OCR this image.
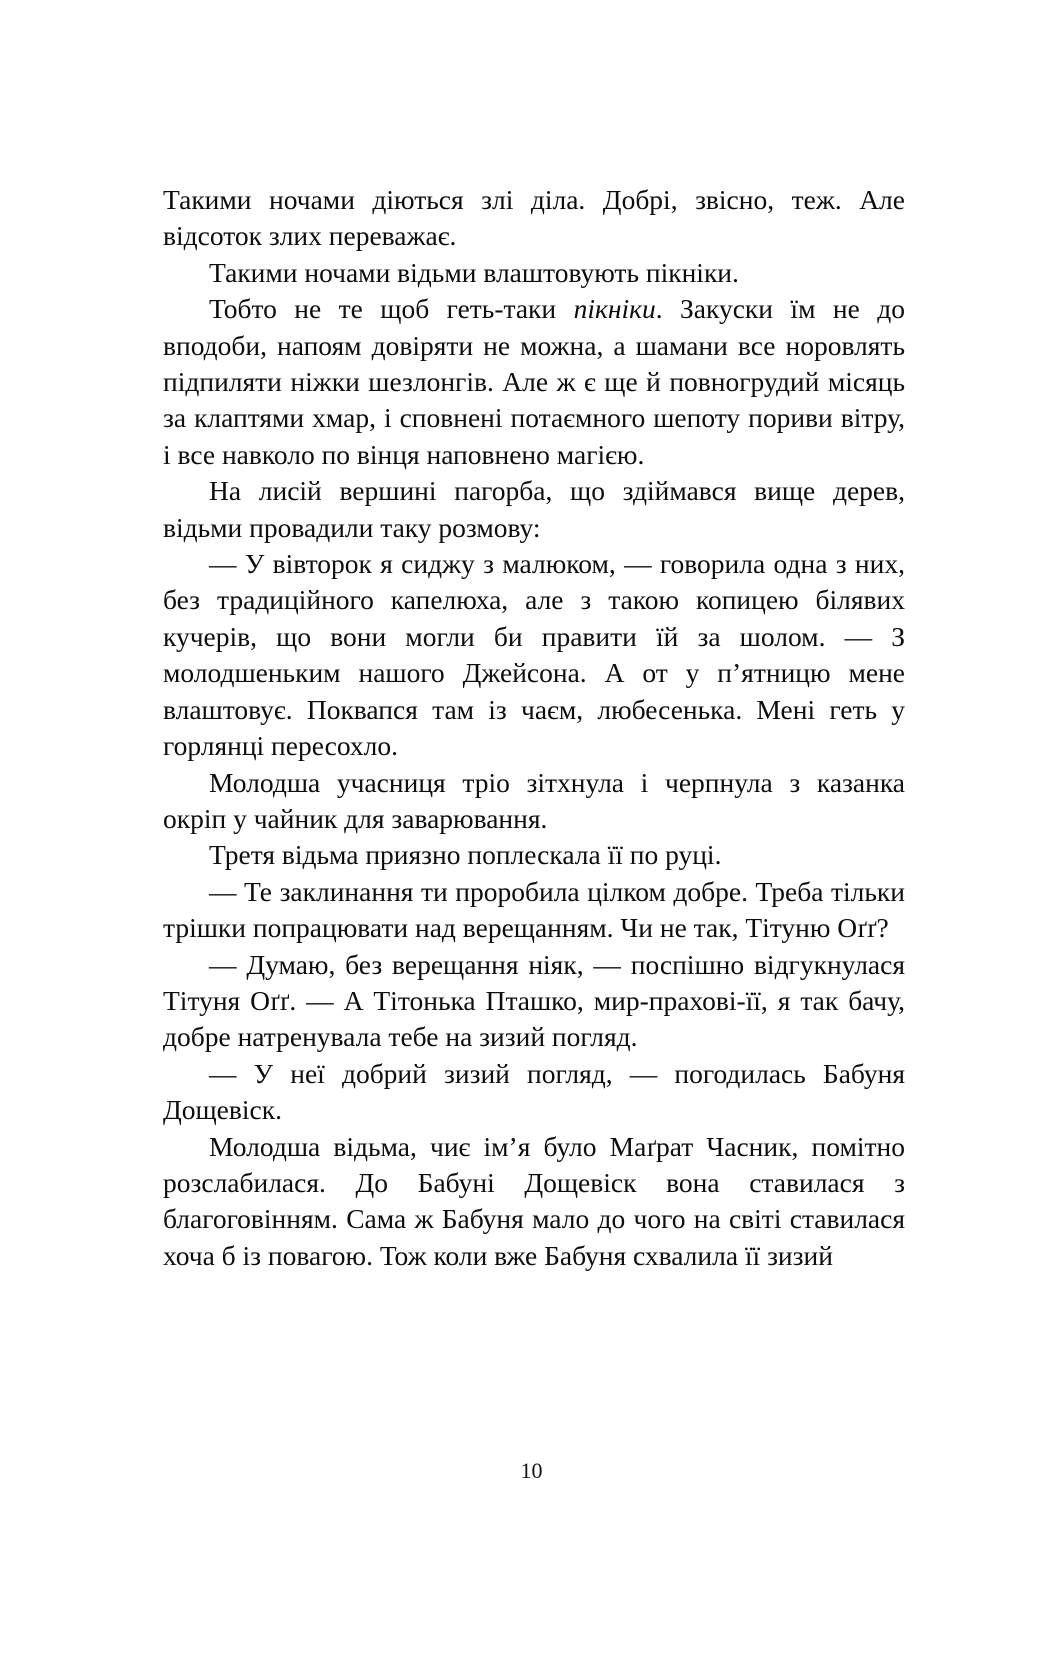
Такими ночами діються злі діла. Добрі, звісно, теж. Але відсоток злих переважає.

Такими ночами відьми влаштовують пікніки.

Тобто не те щоб геть-таки пікніки. Закуски їм не до вподоби, напоям довіряти не можна, а шамани все норовлять підпиляти ніжки шезлонгів. Але ж є ще й повногрудий місяць за клаптями хмар, і сповнені потаємного шепоту пориви вітру, і все навколо по вінця наповнено магією.

На лисій вершині пагорба, що здіймався вище дерев, відьми провадили таку розмову:

— У вівторок я сиджу з малюком, — говорила одна з них, без традиційного капелюха, але з такою копицею білявих кучерів, що вони могли би правити їй за шолом. — З молодшеньким нашого Джейсона. А от у п’ятницю мене влаштовує. Поквапся там із чаєм, любесенька. Мені геть у горлянці пересохло.

Молодша учасниця тріо зітхнула і черпнула з казанка окріп у чайник для заварювання.

Третя відьма приязно поплескала її по руці.

— Те заклинання ти проробила цілком добре. Треба тільки трішки попрацювати над верещанням. Чи не так, Тітуню Оґґ?

— Думаю, без верещання ніяк, — поспішно відгукнулася Тітуня Оґґ. — А Тітонька Пташко, мир-прахові-її, я так бачу, добре натренувала тебе на зизий погляд.

— У неї добрий зизий погляд, — погодилась Бабуня Дощевіск.

Молодша відьма, чиє ім’я було Маґрат Часник, помітно розслабилася. До Бабуні Дощевіск вона ставилася з благоговінням. Сама ж Бабуня мало до чого на світі ставилася хоча б із повагою. Тож коли вже Бабуня схвалила її зизий

10
